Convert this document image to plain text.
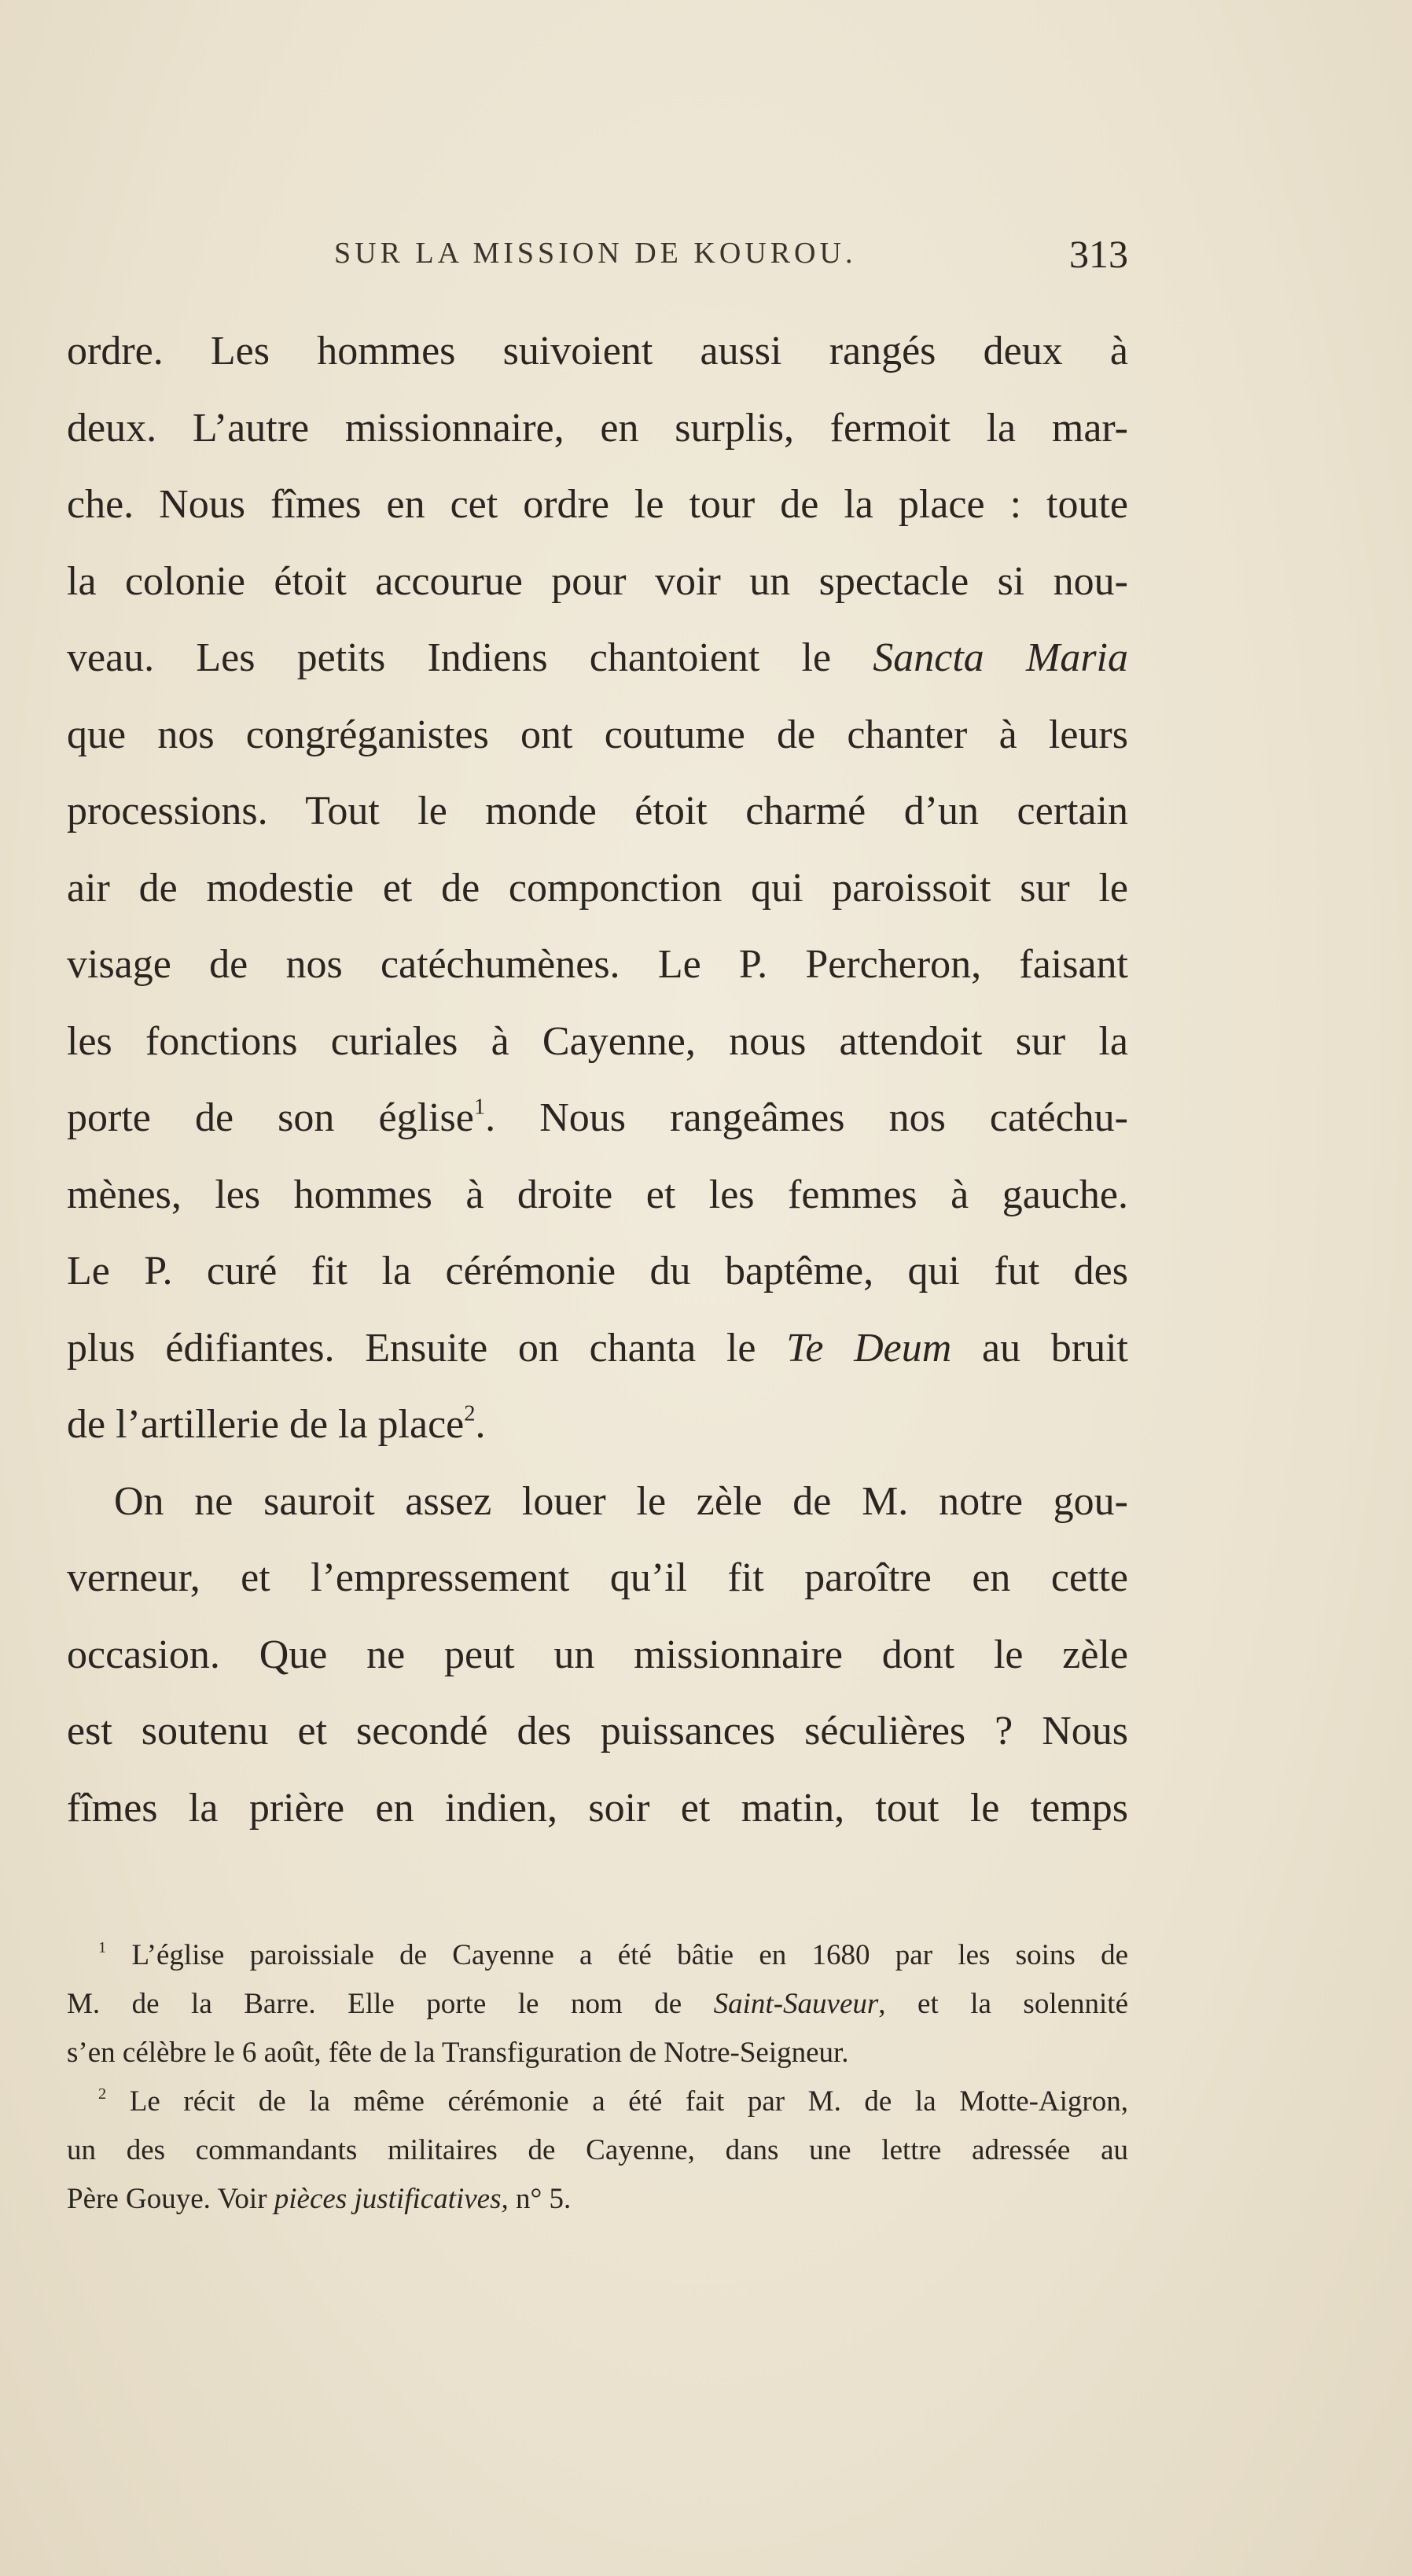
SUR LA MISSION DE KOUROU.	313
ordre. Les hommes suivoient aussi rangés deux à
deux. L’autre missionnaire, en surplis, fermoit la mar-
che. Nous fîmes en cet ordre le tour de la place : toute
la colonie étoit accourue pour voir un spectacle si nou-
veau. Les petits Indiens chantoient le Sancta Maria
que nos congréganistes ont coutume de chanter à leurs
processions. Tout le monde étoit charmé d’un certain
air de modestie et de componction qui paroissoit sur le
visage de nos catéchumènes. Le P. Percheron, faisant
les fonctions curiales à Cayenne, nous attendoit sur la
porte de son église$^1$. Nous rangeâmes nos catéchu-
mènes, les hommes à droite et les femmes à gauche.
Le P. curé fit la cérémonie du baptême, qui fut des
plus édifiantes. Ensuite on chanta le Te Deum au bruit
de l’artillerie de la place$^2$.
On ne sauroit assez louer le zèle de M. notre gou-
verneur, et l’empressement qu’il fit paroître en cette
occasion. Que ne peut un missionnaire dont le zèle
est soutenu et secondé des puissances séculières ? Nous
fîmes la prière en indien, soir et matin, tout le temps
$^1$ L’église paroissiale de Cayenne a été bâtie en 1680 par les soins de
M. de la Barre. Elle porte le nom de Saint-Sauveur, et la solennité
s’en célèbre le 6 août, fête de la Transfiguration de Notre-Seigneur.
$^2$ Le récit de la même cérémonie a été fait par M. de la Motte-Aigron,
un des commandants militaires de Cayenne, dans une lettre adressée au
Père Gouye. Voir pièces justificatives, n° 5.
